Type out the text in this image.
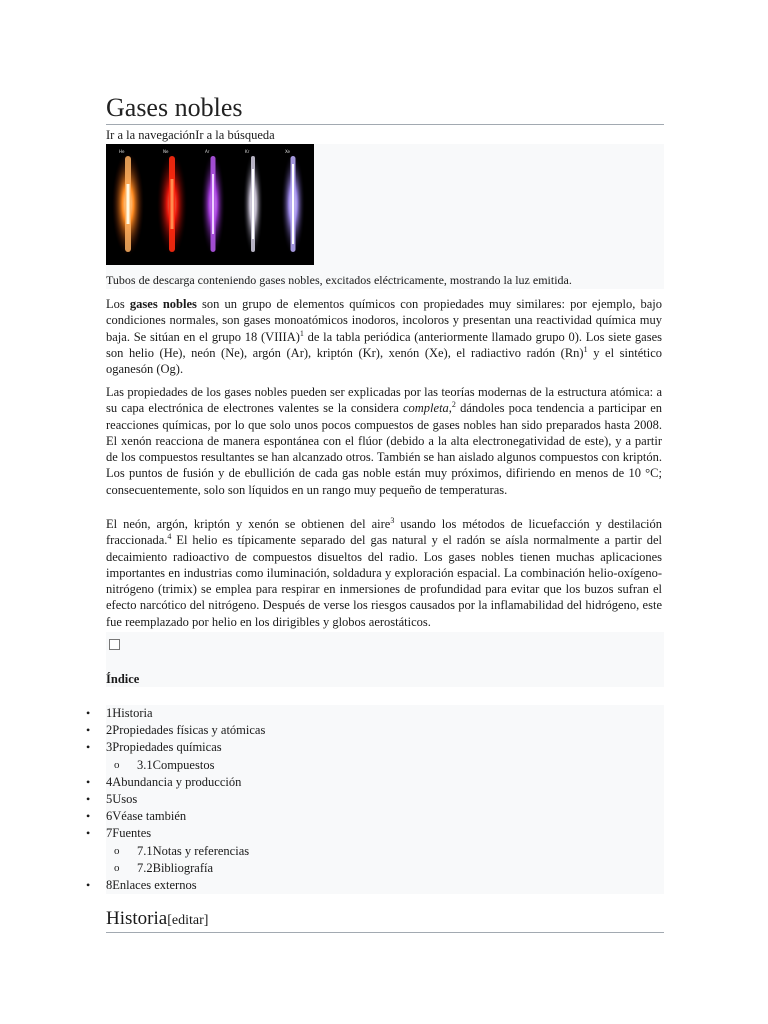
Gases nobles
Ir a la navegaciónIr a la búsqueda
He	Ne	Ar	Kr	Xe
Tubos de descarga conteniendo gases nobles, excitados eléctricamente, mostrando la luz emitida.

Los gases nobles son un grupo de elementos químicos con propiedades muy similares: por ejemplo, bajo condiciones normales, son gases monoatómicos inodoros, incoloros y presentan una reactividad química muy baja. Se sitúan en el grupo 18 (VIIIA)$^1$ de la tabla periódica (anteriormente llamado grupo 0). Los siete gases son helio (He), neón (Ne), argón (Ar), kriptón (Kr), xenón (Xe), el radiactivo radón $(Rn)^1$ y el sintético oganesón (Og).

Las propiedades de los gases nobles pueden ser explicadas por las teorías modernas de la estructura atómica: a su capa electrónica de electrones valentes se la considera completa,$^2$ dándoles poca tendencia a participar en reacciones químicas, por lo que solo unos pocos compuestos de gases nobles han sido preparados hasta 2008. El xenón reacciona de manera espontánea con el flúor (debido a la alta electronegatividad de este), y a partir de los compuestos resultantes se han alcanzado otros. También se han aislado algunos compuestos con kriptón. Los puntos de fusión y de ebullición de cada gas noble están muy próximos, difiriendo en menos de 10 °C; consecuentemente, solo son líquidos en un rango muy pequeño de temperaturas.

El neón, argón, kriptón y xenón se obtienen del aire$^3$ usando los métodos de licuefacción y destilación fraccionada.$^4$ El helio es típicamente separado del gas natural y el radón se aísla normalmente a partir del decaimiento radioactivo de compuestos disueltos del radio. Los gases nobles tienen muchas aplicaciones importantes en industrias como iluminación, soldadura y exploración espacial. La combinación helio-oxígeno-nitrógeno (trimix) se emplea para respirar en inmersiones de profundidad para evitar que los buzos sufran el efecto narcótico del nitrógeno. Después de verse los riesgos causados por la inflamabilidad del hidrógeno, este fue reemplazado por helio en los dirigibles y globos aerostáticos.

Índice
• 1Historia
• 2Propiedades físicas y atómicas
• 3Propiedades químicas
o 3.1Compuestos
• 4Abundancia y producción
• 5Usos
• 6Véase también
• 7Fuentes
o 7.1Notas y referencias
o 7.2Bibliografía
• 8Enlaces externos
Historia[editar]
